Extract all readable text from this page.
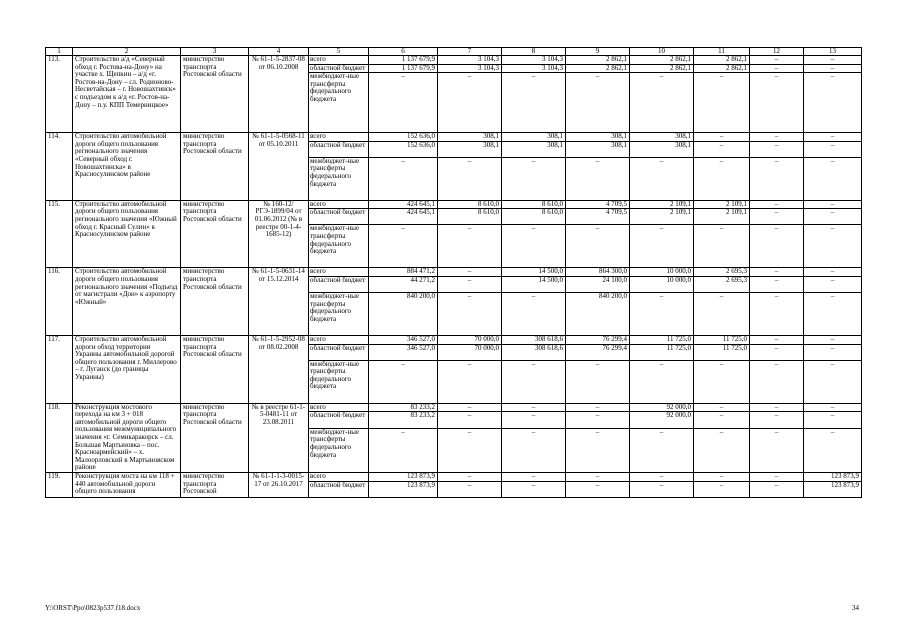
1	2	3	4	5	6	7	8	9	10	11	12	13
113.	Строительство а/д «Северный обход г. Ростова-на-Дону» на участке х. Щепкин – а/д «г. Ростов-на-Дону – сл. Родионово-Несветайская – г. Новошахтинск» с подъездом к а/д «г. Ростов-на-Дону – п.у. КПП Темерницкое»	министерство транспорта Ростовской области	№ 61-1-5-2837-08 от 06.10.2008	всего	1 137 679,9	3 104,3	3 104,3	2 862,1	2 862,1	2 862,1	–	–
				областной бюджет	1 137 679,9	3 104,3	3 104,3	2 862,1	2 862,1	2 862,1	–	–
				межбюджет-ные трансферты федерального бюджета	–	–	–	–	–	–	–	–
114.	Строительство автомобильной дороги общего пользования регионального значения «Северный обход г. Новошахтинска» в Красносулинском районе	министерство транспорта Ростовской области	№ 61-1-5-0568-11 от 05.10.2011	всего	152 636,0	308,1	308,1	308,1	308,1	–	–	–
				областной бюджет	152 636,0	308,1	308,1	308,1	308,1	–	–	–
				межбюджет-ные трансферты федерального бюджета	–	–	–	–	–	–	–	–
115.	Строительство автомобильной дороги общего пользования регионального значения «Южный обход г. Красный Сулин» в Красносулинском районе	министерство транспорта Ростовской области	№ 160-12/ РГЭ-1899/04 от 01.06.2012 (№ в реестре 00-1-4-1685-12)	всего	424 645,1	8 610,0	8 610,0	4 709,5	2 109,1	2 109,1	–	–
				областной бюджет	424 645,1	8 610,0	8 610,0	4 709,5	2 109,1	2 109,1	–	–
				межбюджет-ные трансферты федерального бюджета	–	–	–	–	–	–	–	–
116.	Строительство автомобильной дороги общего пользования регионального значения «Подъезд от магистрали «Дон» к аэропорту «Южный»	министерство транспорта Ростовской области	№ 61-1-5-0631-14 от 15.12.2014	всего	884 471,2	–	14 500,0	864 300,0	10 000,0	2 695,3	–	–
				областной бюджет	44 271,2	–	14 500,0	24 100,0	10 000,0	2 695,3	–	–
				межбюджет-ные трансферты федерального бюджета	840 200,0	–	–	840 200,0	–	–	–	–
117.	Строительство автомобильной дороги обход территории Украины автомобильной дорогой общего пользования г. Миллерово – г. Луганск (до границы Украины)	министерство транспорта Ростовской области	№ 61-1-5-2952-08 от 08.02.2008	всего	346 527,0	70 000,0	308 618,6	76 299,4	11 725,0	11 725,0	–	–
				областной бюджет	346 527,0	70 000,0	308 618,6	76 299,4	11 725,0	11 725,0	–	–
				межбюджет-ные трансферты федерального бюджета	–	–	–	–	–	–	–	–
118.	Реконструкция мостового перехода на км 3 + 018 автомобильной дороги общего пользования межмуниципального значения «г. Семикаракорск – сл. Большая Мартыновка – пос. Красноармейский» – х. Малоорловский в Мартыновском районе	министерство транспорта Ростовской области	№ в реестре 61-1-5-0481-11 от 23.08.2011	всего	83 233,2	–	–	–	92 000,0	–	–	–
				областной бюджет	83 233,2	–	–	–	92 000,0	–	–	–
				межбюджет-ные трансферты федерального бюджета	–	–	–	–	–	–	–	–
119.	Реконструкция моста на км 118 + 440 автомобильной дороги общего пользования	министерство транспорта Ростовской	№ 61-1-1-3-0015-17 от 26.10.2017	всего	123 873,9	–	–	–	–	–	–	123 873,9
				областной бюджет	123 873,9	–	–	–	–	–	–	123 873,9
Y:\ORST\Ppo\0823p537.f18.docx	34
